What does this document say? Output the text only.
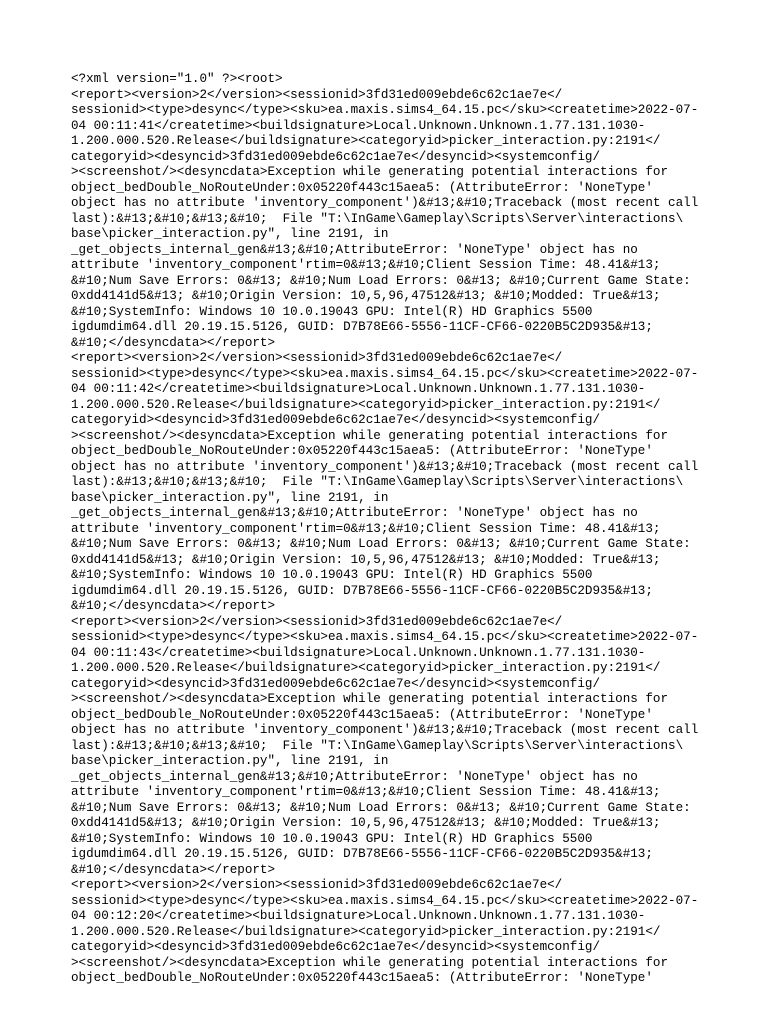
<?xml version="1.0" ?><root>
<report><version>2</version><sessionid>3fd31ed009ebde6c62c1ae7e</
sessionid><type>desync</type><sku>ea.maxis.sims4_64.15.pc</sku><createtime>2022-07-
04 00:11:41</createtime><buildsignature>Local.Unknown.Unknown.1.77.131.1030-
1.200.000.520.Release</buildsignature><categoryid>picker_interaction.py:2191</
categoryid><desyncid>3fd31ed009ebde6c62c1ae7e</desyncid><systemconfig/
><screenshot/><desyncdata>Exception while generating potential interactions for
object_bedDouble_NoRouteUnder:0x05220f443c15aea5: (AttributeError: 'NoneType'
object has no attribute 'inventory_component')&#13;&#10;Traceback (most recent call
last):&#13;&#10;&#13;&#10;  File "T:\InGame\Gameplay\Scripts\Server\interactions\
base\picker_interaction.py", line 2191, in
_get_objects_internal_gen&#13;&#10;AttributeError: 'NoneType' object has no
attribute 'inventory_component'rtim=0&#13;&#10;Client Session Time: 48.41&#13;
&#10;Num Save Errors: 0&#13; &#10;Num Load Errors: 0&#13; &#10;Current Game State:
0xdd4141d5&#13; &#10;Origin Version: 10,5,96,47512&#13; &#10;Modded: True&#13;
&#10;SystemInfo: Windows 10 10.0.19043 GPU: Intel(R) HD Graphics 5500
igdumdim64.dll 20.19.15.5126, GUID: D7B78E66-5556-11CF-CF66-0220B5C2D935&#13;
&#10;</desyncdata></report>
<report><version>2</version><sessionid>3fd31ed009ebde6c62c1ae7e</
sessionid><type>desync</type><sku>ea.maxis.sims4_64.15.pc</sku><createtime>2022-07-
04 00:11:42</createtime><buildsignature>Local.Unknown.Unknown.1.77.131.1030-
1.200.000.520.Release</buildsignature><categoryid>picker_interaction.py:2191</
categoryid><desyncid>3fd31ed009ebde6c62c1ae7e</desyncid><systemconfig/
><screenshot/><desyncdata>Exception while generating potential interactions for
object_bedDouble_NoRouteUnder:0x05220f443c15aea5: (AttributeError: 'NoneType'
object has no attribute 'inventory_component')&#13;&#10;Traceback (most recent call
last):&#13;&#10;&#13;&#10;  File "T:\InGame\Gameplay\Scripts\Server\interactions\
base\picker_interaction.py", line 2191, in
_get_objects_internal_gen&#13;&#10;AttributeError: 'NoneType' object has no
attribute 'inventory_component'rtim=0&#13;&#10;Client Session Time: 48.41&#13;
&#10;Num Save Errors: 0&#13; &#10;Num Load Errors: 0&#13; &#10;Current Game State:
0xdd4141d5&#13; &#10;Origin Version: 10,5,96,47512&#13; &#10;Modded: True&#13;
&#10;SystemInfo: Windows 10 10.0.19043 GPU: Intel(R) HD Graphics 5500
igdumdim64.dll 20.19.15.5126, GUID: D7B78E66-5556-11CF-CF66-0220B5C2D935&#13;
&#10;</desyncdata></report>
<report><version>2</version><sessionid>3fd31ed009ebde6c62c1ae7e</
sessionid><type>desync</type><sku>ea.maxis.sims4_64.15.pc</sku><createtime>2022-07-
04 00:11:43</createtime><buildsignature>Local.Unknown.Unknown.1.77.131.1030-
1.200.000.520.Release</buildsignature><categoryid>picker_interaction.py:2191</
categoryid><desyncid>3fd31ed009ebde6c62c1ae7e</desyncid><systemconfig/
><screenshot/><desyncdata>Exception while generating potential interactions for
object_bedDouble_NoRouteUnder:0x05220f443c15aea5: (AttributeError: 'NoneType'
object has no attribute 'inventory_component')&#13;&#10;Traceback (most recent call
last):&#13;&#10;&#13;&#10;  File "T:\InGame\Gameplay\Scripts\Server\interactions\
base\picker_interaction.py", line 2191, in
_get_objects_internal_gen&#13;&#10;AttributeError: 'NoneType' object has no
attribute 'inventory_component'rtim=0&#13;&#10;Client Session Time: 48.41&#13;
&#10;Num Save Errors: 0&#13; &#10;Num Load Errors: 0&#13; &#10;Current Game State:
0xdd4141d5&#13; &#10;Origin Version: 10,5,96,47512&#13; &#10;Modded: True&#13;
&#10;SystemInfo: Windows 10 10.0.19043 GPU: Intel(R) HD Graphics 5500
igdumdim64.dll 20.19.15.5126, GUID: D7B78E66-5556-11CF-CF66-0220B5C2D935&#13;
&#10;</desyncdata></report>
<report><version>2</version><sessionid>3fd31ed009ebde6c62c1ae7e</
sessionid><type>desync</type><sku>ea.maxis.sims4_64.15.pc</sku><createtime>2022-07-
04 00:12:20</createtime><buildsignature>Local.Unknown.Unknown.1.77.131.1030-
1.200.000.520.Release</buildsignature><categoryid>picker_interaction.py:2191</
categoryid><desyncid>3fd31ed009ebde6c62c1ae7e</desyncid><systemconfig/
><screenshot/><desyncdata>Exception while generating potential interactions for
object_bedDouble_NoRouteUnder:0x05220f443c15aea5: (AttributeError: 'NoneType'
